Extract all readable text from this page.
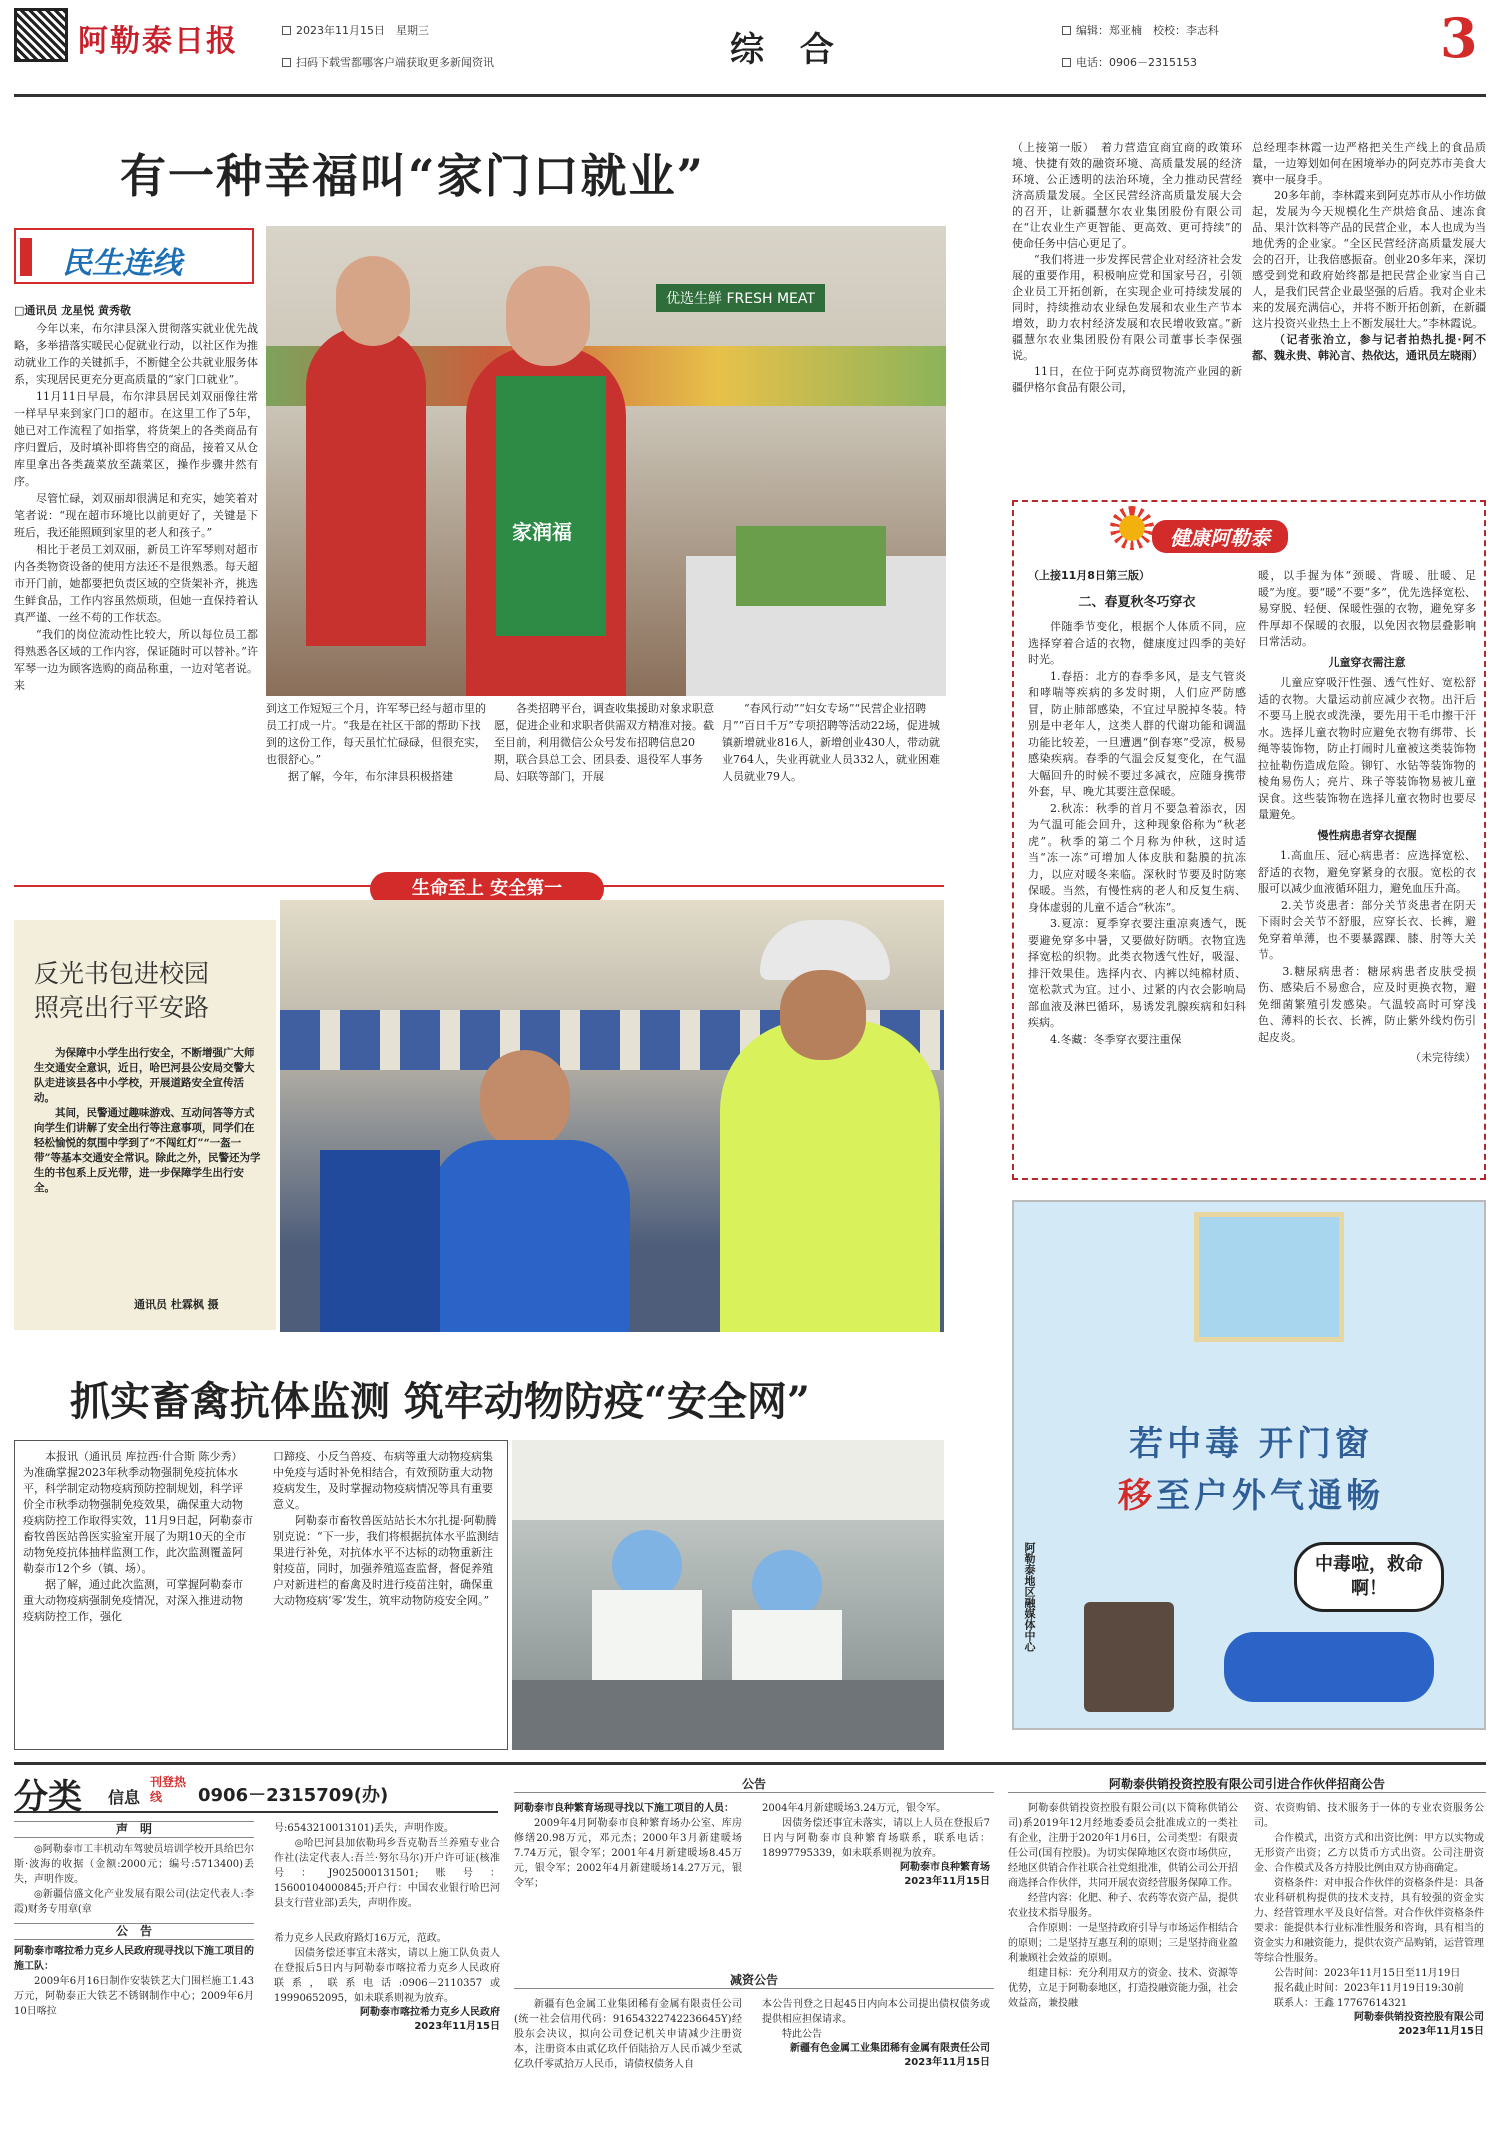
阿勒泰日报	2023年11月15日　星期三
扫码下载雪都哪客户端获取更多新闻资讯	综 合	编辑：郑亚楠　校校：李志科
电话：0906－2315153	3
有一种幸福叫“家门口就业”
民生连线
□通讯员 龙星悦 黄秀敬

今年以来，布尔津县深入贯彻落实就业优先战略，多举措落实暖民心促就业行动，以社区作为推动就业工作的关键抓手，不断健全公共就业服务体系，实现居民更充分更高质量的“家门口就业”。

11月11日早晨，布尔津县居民刘双丽像往常一样早早来到家门口的超市。在这里工作了5年，她已对工作流程了如指掌，将货架上的各类商品有序归置后，及时填补即将售空的商品，接着又从仓库里拿出各类蔬菜放至蔬菜区，操作步骤井然有序。

尽管忙碌，刘双丽却很满足和充实，她笑着对笔者说：“现在超市环境比以前更好了，关键是下班后，我还能照顾到家里的老人和孩子。”

相比于老员工刘双丽，新员工许军琴则对超市内各类物资设备的使用方法还不是很熟悉。每天超市开门前，她都要把负责区域的空货架补齐，挑选生鲜食品，工作内容虽然烦琐，但她一直保持着认真严谨、一丝不苟的工作状态。

“我们的岗位流动性比较大，所以每位员工都得熟悉各区域的工作内容，保证随时可以替补。”许军琴一边为顾客选购的商品称重，一边对笔者说。来

优选生鲜 FRESH MEAT
家润福
到这工作短短三个月，许军琴已经与超市里的员工打成一片。“我是在社区干部的帮助下找到的这份工作，每天虽忙忙碌碌，但很充实，也很舒心。”
　　据了解，今年，布尔津县积极搭建
各类招聘平台，调查收集援助对象求职意愿，促进企业和求职者供需双方精准对接。截至目前，利用微信公众号发布招聘信息20期，联合县总工会、团县委、退役军人事务局、妇联等部门，开展
“春风行动”“妇女专场”“民营企业招聘月”“百日千万”专项招聘等活动22场，促进城镇新增就业816人，新增创业430人，带动就业764人，失业再就业人员332人，就业困难人员就业79人。

（上接第一版）　着力营造宜商宜商的政策环境、快捷有效的融资环境、高质量发展的经济环境、公正透明的法治环境，全力推动民营经济高质量发展。全区民营经济高质量发展大会的召开，让新疆慧尔农业集团股份有限公司在“让农业生产更智能、更高效、更可持续”的使命任务中信心更足了。

“我们将进一步发挥民营企业对经济社会发展的重要作用，积极响应党和国家号召，引领企业员工开拓创新，在实现企业可持续发展的同时，持续推动农业绿色发展和农业生产节本增效，助力农村经济发展和农民增收致富。”新疆慧尔农业集团股份有限公司董事长李保强说。

11日，在位于阿克苏商贸物流产业园的新疆伊格尔食品有限公司，

总经理李林霞一边严格把关生产线上的食品质量，一边筹划如何在困境举办的阿克苏市美食大赛中一展身手。

20多年前，李林霞来到阿克苏市从小作坊做起，发展为今天规模化生产烘焙食品、速冻食品、果汁饮料等产品的民营企业，本人也成为当地优秀的企业家。“全区民营经济高质量发展大会的召开，让我倍感振奋。创业20多年来，深切感受到党和政府始终都是把民营企业家当自己人，是我们民营企业最坚强的后盾。我对企业未来的发展充满信心，并将不断开拓创新，在新疆这片投资兴业热土上不断发展壮大。”李林霞说。

（记者张治立，参与记者拍热扎提·阿不都、魏永贵、韩沁言、热依达，通讯员左晓雨）

健康阿勒泰
（上接11月8日第三版）
二、春夏秋冬巧穿衣

伴随季节变化，根据个人体质不同，应选择穿着合适的衣物，健康度过四季的美好时光。

1.春捂：北方的春季多风，是支气管炎和哮喘等疾病的多发时期，人们应严防感冒，防止肺部感染，不宜过早脱掉冬装。特别是中老年人，这类人群的代谢功能和调温功能比较差，一旦遭遇“倒春寒”受凉，极易感染疾病。春季的气温会反复变化，在气温大幅回升的时候不要过多减衣，应随身携带外套，早、晚尤其要注意保暖。

2.秋冻：秋季的首月不要急着添衣，因为气温可能会回升，这种现象俗称为“秋老虎”。秋季的第二个月称为仲秋，这时适当“冻一冻”可增加人体皮肤和黏膜的抗冻力，以应对暖冬来临。深秋时节要及时防寒保暖。当然，有慢性病的老人和反复生病、身体虚弱的儿童不适合“秋冻”。

3.夏凉：夏季穿衣要注重凉爽透气，既要避免穿多中暑，又要做好防晒。衣物宜选择宽松的织物。此类衣物透气性好，吸湿、排汗效果佳。选择内衣、内裤以纯棉材质、宽松款式为宜。过小、过紧的内衣会影响局部血液及淋巴循环，易诱发乳腺疾病和妇科疾病。

4.冬藏：冬季穿衣要注重保

暖，以手握为体“颈暖、背暖、肚暖、足暖”为度。要“暖”不要“多”，优先选择宽松、易穿脱、轻便、保暖性强的衣物，避免穿多件厚却不保暖的衣服，以免因衣物层叠影响日常活动。

儿童穿衣需注意

儿童应穿吸汗性强、透气性好、宽松舒适的衣物。大量运动前应减少衣物。出汗后不要马上脱衣或洗澡，要先用干毛巾擦干汗水。选择儿童衣物时应避免衣物有绑带、长绳等装饰物，防止打闹时儿童被这类装饰物拉扯勒伤造成危险。铆钉、水钻等装饰物的棱角易伤人；亮片、珠子等装饰物易被儿童误食。这些装饰物在选择儿童衣物时也要尽量避免。

慢性病患者穿衣提醒

1.高血压、冠心病患者：应选择宽松、舒适的衣物，避免穿紧身的衣服。宽松的衣服可以减少血液循环阻力，避免血压升高。
　　2.关节炎患者：部分关节炎患者在阴天下雨时会关节不舒服，应穿长衣、长裤，避免穿着单薄，也不要暴露踝、膝、肘等大关节。
　　3.糖尿病患者：糖尿病患者皮肤受损伤、感染后不易愈合，应及时更换衣物，避免细菌繁殖引发感染。气温较高时可穿浅色、薄料的长衣、长裤，防止紫外线灼伤引起皮炎。

（未完待续）
生命至上 安全第一
反光书包进校园
照亮出行平安路
为保障中小学生出行安全，不断增强广大师生交通安全意识，近日，哈巴河县公安局交警大队走进该县各中小学校，开展道路安全宣传活动。
　　其间，民警通过趣味游戏、互动问答等方式向学生们讲解了安全出行等注意事项，同学们在轻松愉悦的氛围中学到了“不闯红灯”“一盔一带”等基本交通安全常识。除此之外，民警还为学生的书包系上反光带，进一步保障学生出行安全。
通讯员 杜霖枫 摄
抓实畜禽抗体监测 筑牢动物防疫“安全网”
本报讯（通讯员 库拉西·什合斯 陈少秀）为准确掌握2023年秋季动物强制免疫抗体水平，科学制定动物疫病预防控制规划，科学评价全市秋季动物强制免疫效果，确保重大动物疫病防控工作取得实效，11月9日起，阿勒泰市畜牧兽医站兽医实验室开展了为期10天的全市动物免疫抗体抽样监测工作，此次监测覆盖阿勒泰市12个乡（镇、场）。
　　据了解，通过此次监测，可掌握阿勒泰市重大动物疫病强制免疫情况，对深入推进动物疫病防控工作，强化
口蹄疫、小反刍兽疫、布病等重大动物疫病集中免疫与适时补免相结合，有效预防重大动物疫病发生，及时掌握动物疫病情况等具有重要意义。
　　阿勒泰市畜牧兽医站站长木尔扎提·阿勒腾别克说：“下一步，我们将根据抗体水平监测结果进行补免，对抗体水平不达标的动物重新注射疫苗，同时，加强养殖巡查监督，督促养殖户对新进栏的畜禽及时进行疫苗注射，确保重大动物疫病‘零’发生，筑牢动物防疫安全网。”
若中毒 开门窗
移至户外气通畅
中毒啦，救命啊！
阿勒泰地区融媒体中心
分类 信息
刊登热线	0906－2315709(办)
声　明

◎阿勒泰市工丰机动车驾驶员培训学校开具给巴尔斯·波海的收据（金额:2000元；编号:5713400)丢失，声明作废。

◎新疆信盛文化产业发展有限公司(法定代表人:李霞)财务专用章(章

公　告
阿勒泰市喀拉希力克乡人民政府现寻找以下施工项目的施工队：

2009年6月16日制作安装铁艺大门围栏施工1.43万元，阿勒泰正大铁艺不锈钢制作中心；2009年6月10日喀拉

号:6543210013101)丢失，声明作废。
　　◎哈巴河县加依勒玛乡吾克勒吾兰养殖专业合作社(法定代表人:吾兰·努尔马尔)开户许可证(核准号：J9025000131501;账号：15600104000845;开户行：中国农业银行哈巴河县支行营业部)丢失，声明作废。

希力克乡人民政府路灯16万元，范政。
　　因债务偿还事宜未落实，请以上施工队负责人在登报后5日内与阿勒泰市喀拉希力克乡人民政府联系，联系电话:0906－2110357或19990652095，如未联系则视为放弃。

阿勒泰市喀拉希力克乡人民政府
2023年11月15日
公告
阿勒泰市良种繁育场现寻找以下施工项目的人员：

2009年4月阿勒泰市良种繁育场办公室、库房修缮20.98万元，邓元杰；2000年3月新建暖场7.74万元，银令军；2001年4月新建暖场8.45万元，银令军；2002年4月新建暖场14.27万元，银令军；

2004年4月新建暖场3.24万元，银令军。
　　因债务偿还事宜未落实，请以上人员在登报后7日内与阿勒泰市良种繁育场联系，联系电话：18997795339，如未联系则视为放弃。

阿勒泰市良种繁育场
2023年11月15日
减资公告

新疆有色金属工业集团稀有金属有限责任公司(统一社会信用代码：91654322742236645Y)经股东会决议，拟向公司登记机关申请减少注册资本，注册资本由贰亿玖仟佰陆拾万人民币减少至贰亿玖仟零贰拾万人民币，请债权债务人自

本公告刊登之日起45日内向本公司提出债权债务或提供相应担保请求。
　　特此公告

新疆有色金属工业集团稀有金属有限责任公司
2023年11月15日
阿勒泰供销投资控股有限公司引进合作伙伴招商公告

阿勒泰供销投资控股有限公司(以下简称供销公司)系2019年12月经地委委员会批准成立的一类社有企业，注册于2020年1月6日，公司类型：有限责任公司(国有控股)。为切实保障地区农资市场供应，经地区供销合作社联合社党组批准，供销公司公开招商选择合作伙伴，共同开展农资经营服务保障工作。
　　经营内容：化肥、种子、农药等农资产品，提供农业技术指导服务。
　　合作原则：一是坚持政府引导与市场运作相结合的原则；二是坚持互惠互利的原则；三是坚持商业盈利兼顾社会效益的原则。
　　组建目标：充分利用双方的资金、技术、资源等优势，立足于阿勒泰地区，打造投融资能力强，社会效益高，兼投融

资、农资购销、技术服务于一体的专业农资服务公司。
　　合作模式，出资方式和出资比例：甲方以实物或无形资产出资；乙方以货币方式出资。公司注册资金、合作模式及各方持股比例由双方协商确定。
　　资格条件：对申报合作伙伴的资格条件是：具备农业科研机构提供的技术支持，具有较强的资金实力、经营管理水平及良好信誉。对合作伙伴资格条件要求：能提供本行业标准性服务和咨询，具有相当的资金实力和融资能力，提供农资产品购销，运营管理等综合性服务。
　　公告时间：2023年11月15日至11月19日
　　报名截止时间：2023年11月19日19:30前
　　联系人：王鑫 17767614321

阿勒泰供销投资控股有限公司
2023年11月15日
